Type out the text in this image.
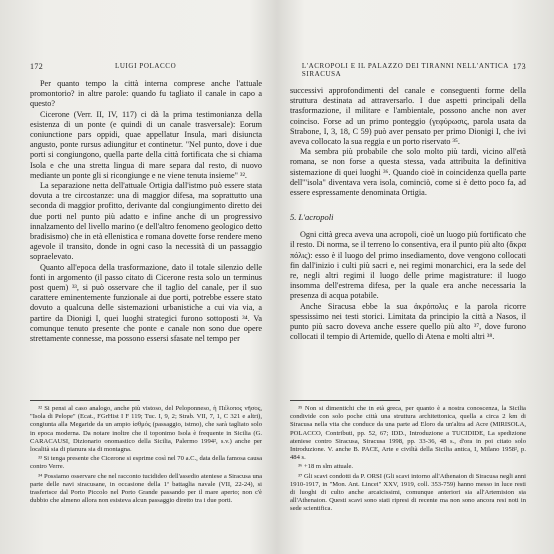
172	LUIGI POLACCO

Per quanto tempo la città interna comprese anche l'attuale promontorio? in altre parole: quando fu tagliato il canale in capo a questo?

Cicerone (Verr. II, IV, 117) ci dà la prima testimonianza della esistenza di un ponte (e quindi di un canale trasversale): Eorum coniunctione pars oppidi, quae appellatur Insula, mari disiuncta angusto, ponte rursus adiungitur et continetur. "Nel punto, dove i due porti si congiungono, quella parte della città fortificata che si chiama Isola e che una stretta lingua di mare separa dal resto, di nuovo mediante un ponte gli si ricongiunge e ne viene tenuta insieme" ³².

La separazione netta dell'attuale Ortigia dall'istmo può essere stata dovuta a tre circostanze: una di maggior difesa, ma soprattutto una seconda di maggior profitto, derivante dal congiungimento diretto dei due porti nel punto più adatto e infine anche di un progressivo innalzamento del livello marino (e dell'altro fenomeno geologico detto bradisismo) che in età ellenistica e romana dovette forse rendere meno agevole il transito, donde in ogni caso la necessità di un passaggio sopraelevato.

Quanto all'epoca della trasformazione, dato il totale silenzio delle fonti in argomento (il passo citato di Cicerone resta solo un terminus post quem) ³³, si può osservare che il taglio del canale, per il suo carattere eminentemente funzionale ai due porti, potrebbe essere stato dovuto a qualcuna delle sistemazioni urbanistiche a cui via via, a partire da Dionigi I, quei luoghi strategici furono sottoposti ³⁴. Va comunque tenuto presente che ponte e canale non sono due opere strettamente connesse, ma possono essersi sfasate nel tempo per

³² Si pensi al caso analogo, anche più vistoso, del Peloponneso, ἡ Πέλοπος νῆσος, "Isola di Pelope" (Ecat., FGrHist I F 119; Tuc. I, 9, 2; Strab. VII, 7, 1, C 321 e altri), congiunta alla Megaride da un ampio ἰσθμός (passaggio, istmo), che sarà tagliato solo in epoca moderna. Da notare inoltre che il toponimo Isola è frequente in Sicilia (G. CARACAUSI, Dizionario onomastico della Sicilia, Palermo 1994², s.v.) anche per località sia di pianura sia di montagna.

³³ Si tenga presente che Cicerone si esprime così nel 70 a.C., data della famosa causa contro Verre.

³⁴ Possiamo osservare che nel racconto tucidideo dell'assedio ateniese a Siracusa una parte delle navi siracusane, in occasione della 1ª battaglia navale (VII, 22-24), si trasferisce dal Porto Piccolo nel Porto Grande passando per il mare aperto; non c'è dubbio che almeno allora non esisteva alcun passaggio diretto tra i due porti.

L'ACROPOLI E IL PALAZZO DEI TIRANNI NELL'ANTICA SIRACUSA
173

successivi approfondimenti del canale e conseguenti forme della struttura destinata ad attraversarlo. I due aspetti principali della trasformazione, il militare e l'ambientale, possono anche non aver coinciso. Forse ad un primo ponteggio (γεφύρωσις, parola usata da Strabone, I, 3, 18, C 59) può aver pensato per primo Dionigi I, che ivi aveva collocato la sua reggia e un porto riservato ³⁵.

Ma sembra più probabile che solo molto più tardi, vicino all'età romana, se non forse a questa stessa, vada attribuita la definitiva sistemazione di quei luoghi ³⁶. Quando cioè in coincidenza quella parte dell'"isola" diventava vera isola, cominciò, come si è detto poco fa, ad essere espressamente denominata Ortigia.

5. L'acropoli

Ogni città greca aveva una acropoli, cioè un luogo più fortificato che il resto. Di norma, se il terreno lo consentiva, era il punto più alto (ἄκρα πόλις): esso è il luogo del primo insediamento, dove vengono collocati fin dall'inizio i culti più sacri e, nei regimi monarchici, era la sede del re, negli altri regimi il luogo delle prime magistrature: il luogo insomma dell'estrema difesa, per la quale era anche necessaria la presenza di acqua potabile.

Anche Siracusa ebbe la sua ἀκρόπολις e la parola ricorre spessissimo nei testi storici. Limitata da principio la città a Nasos, il punto più sacro doveva anche essere quello più alto ³⁷, dove furono collocati il tempio di Artemide, quello di Atena e molti altri ³⁸.

³⁵ Non si dimentichi che in età greca, per quanto è a nostra conoscenza, la Sicilia condivide con solo poche città una struttura architettonica, quella a circa 2 km di Siracusa nella vita che conduce da una parte ad Eloro da un'altra ad Acre (MIRISOLA, POLACCO, Contributi, pp. 52, 67; IDD., Introduzione a TUCIDIDE, La spedizione ateniese contro Siracusa, Siracusa 1998, pp. 33-36, 48 s., d'ora in poi citato solo Introduzione. V. anche B. PACE, Arte e civiltà della Sicilia antica, I, Milano 1958², p. 484 s.

³⁶ +18 m slm attuale.

³⁷ Gli scavi condotti da P. ORSI (Gli scavi intorno all'Athenaion di Siracusa negli anni 1910-1917, in "Mon. Ant. Lincei" XXV, 1919, coll. 353-759) hanno messo in luce resti di luoghi di culto anche arcaicissimi, comunque anteriori sia all'Artemision sia all'Athenaion. Questi scavi sono stati ripresi di recente ma non sono ancora resi noti in sede scientifica.
